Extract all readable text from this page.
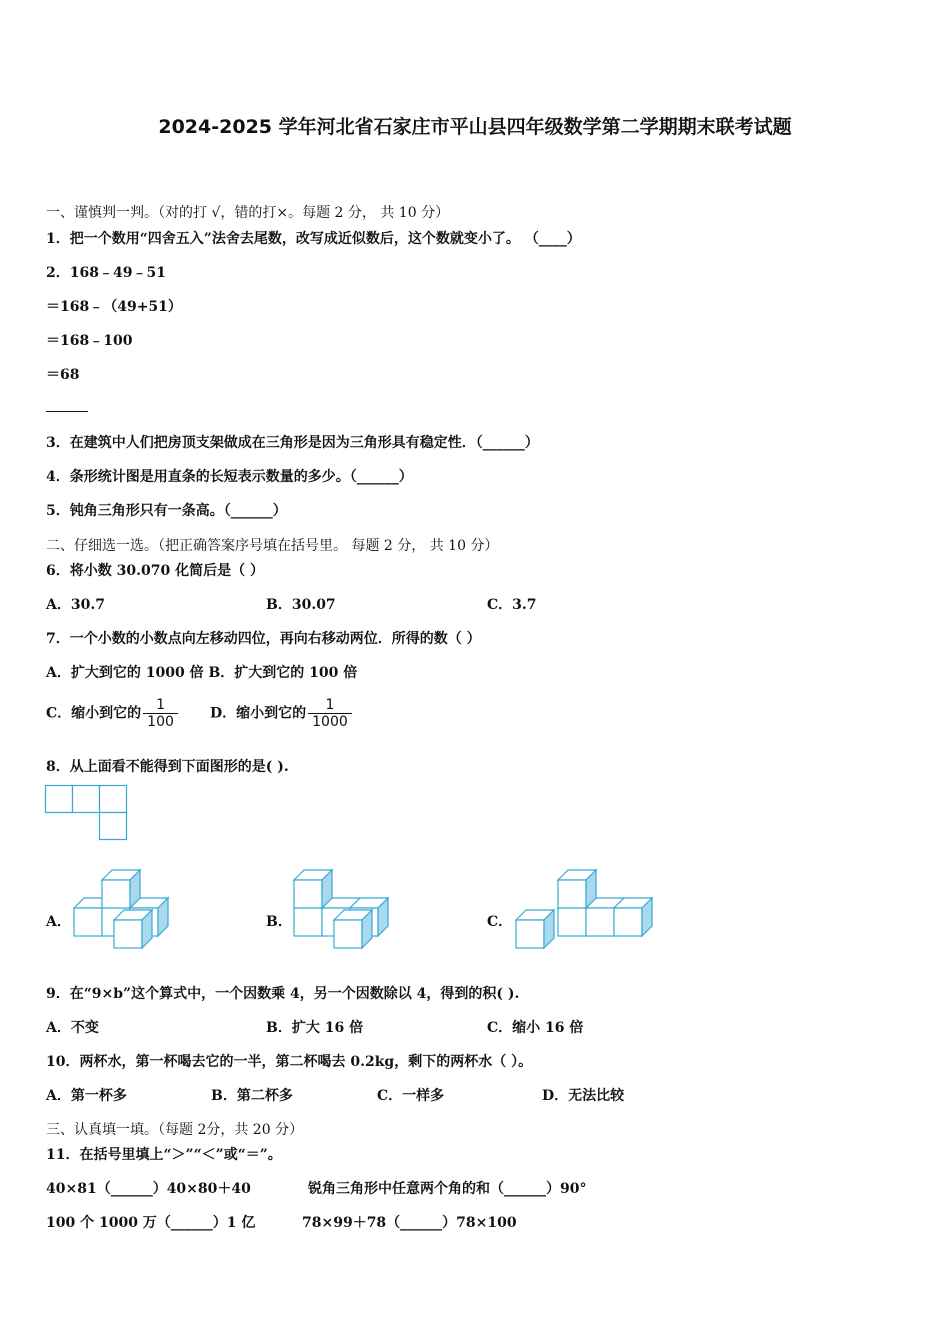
2024-2025 学年河北省石家庄市平山县四年级数学第二学期期末联考试题
一、谨慎判一判。（对的打 √，错的打×。每题 2 分， 共 10 分）
1．把一个数用“四舍五入”法舍去尾数，改写成近似数后，这个数就变小了。 （____）
2．168﹣49﹣51
＝168﹣（49+51）
＝168﹣100
＝68
3．在建筑中人们把房顶支架做成在三角形是因为三角形具有稳定性．（______）
4．条形统计图是用直条的长短表示数量的多少。（______）
5．钝角三角形只有一条高。（______）
二、仔细选一选。（把正确答案序号填在括号里。 每题 2 分， 共 10 分）
6．将小数 30.070 化简后是（ ）
A．30.7	B．30.07	C．3.7
7．一个小数的小数点向左移动四位，再向右移动两位．所得的数（ ）
A．扩大到它的 1000 倍 B．扩大到它的 100 倍
C．缩小到它的 $\frac{1}{100}$ D．缩小到它的 $\frac{1}{1000}$
8．从上面看不能得到下面图形的是( ).
A．	B．	C．
9．在“9×b”这个算式中，一个因数乘 4，另一个因数除以 4，得到的积( ).
A．不变	B．扩大 16 倍	C．缩小 16 倍
10．两杯水，第一杯喝去它的一半，第二杯喝去 0.2kg，剩下的两杯水（ ）。
A．第一杯多	B．第二杯多	C．一样多	D．无法比较
三、认真填一填。（每题 2分，共 20 分）
11．在括号里填上“＞”“＜”或“＝”。
40×81（______）40×80＋40	锐角三角形中任意两个角的和（______）90°
100 个 1000 万（______）1 亿	78×99＋78（______）78×100
